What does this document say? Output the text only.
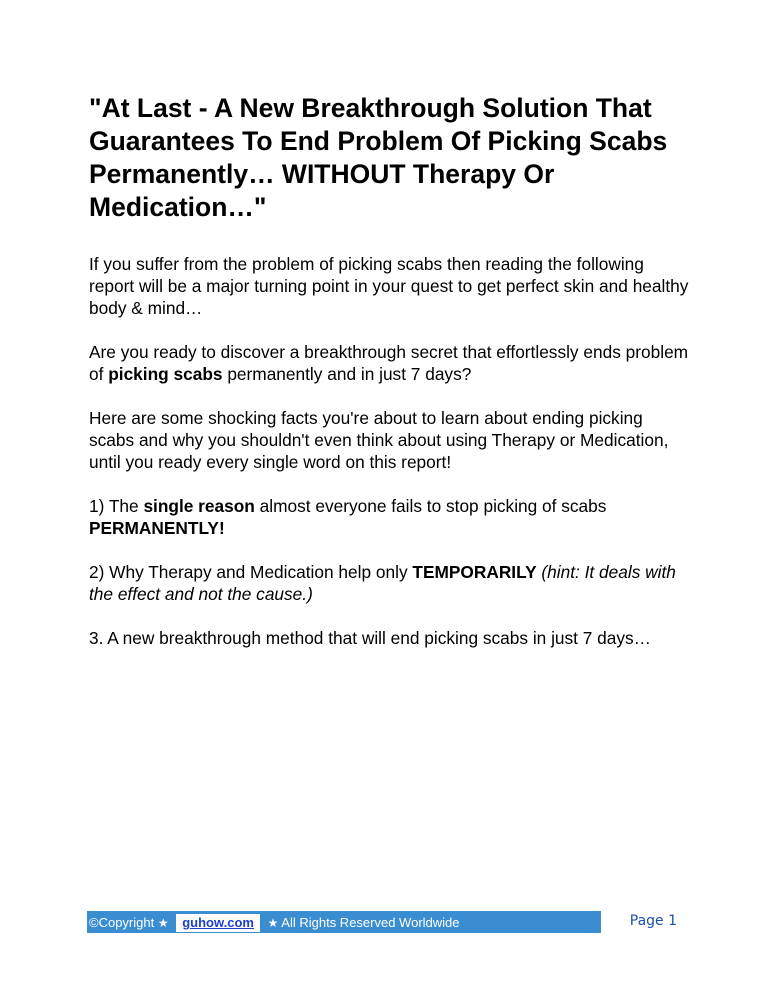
"At Last - A New Breakthrough Solution That Guarantees To End Problem Of Picking Scabs Permanently… WITHOUT Therapy Or Medication…"

If you suffer from the problem of picking scabs then reading the following report will be a major turning point in your quest to get perfect skin and healthy body & mind…

Are you ready to discover a breakthrough secret that effortlessly ends problem of picking scabs permanently and in just 7 days?

Here are some shocking facts you're about to learn about ending picking scabs and why you shouldn't even think about using Therapy or Medication, until you ready every single word on this report!

1) The single reason almost everyone fails to stop picking of scabs PERMANENTLY!

2) Why Therapy and Medication help only TEMPORARILY (hint: It deals with the effect and not the cause.)

3. A new breakthrough method that will end picking scabs in just 7 days…

©Copyright ★ guhow.com ★ All Rights Reserved Worldwide	Page 1
